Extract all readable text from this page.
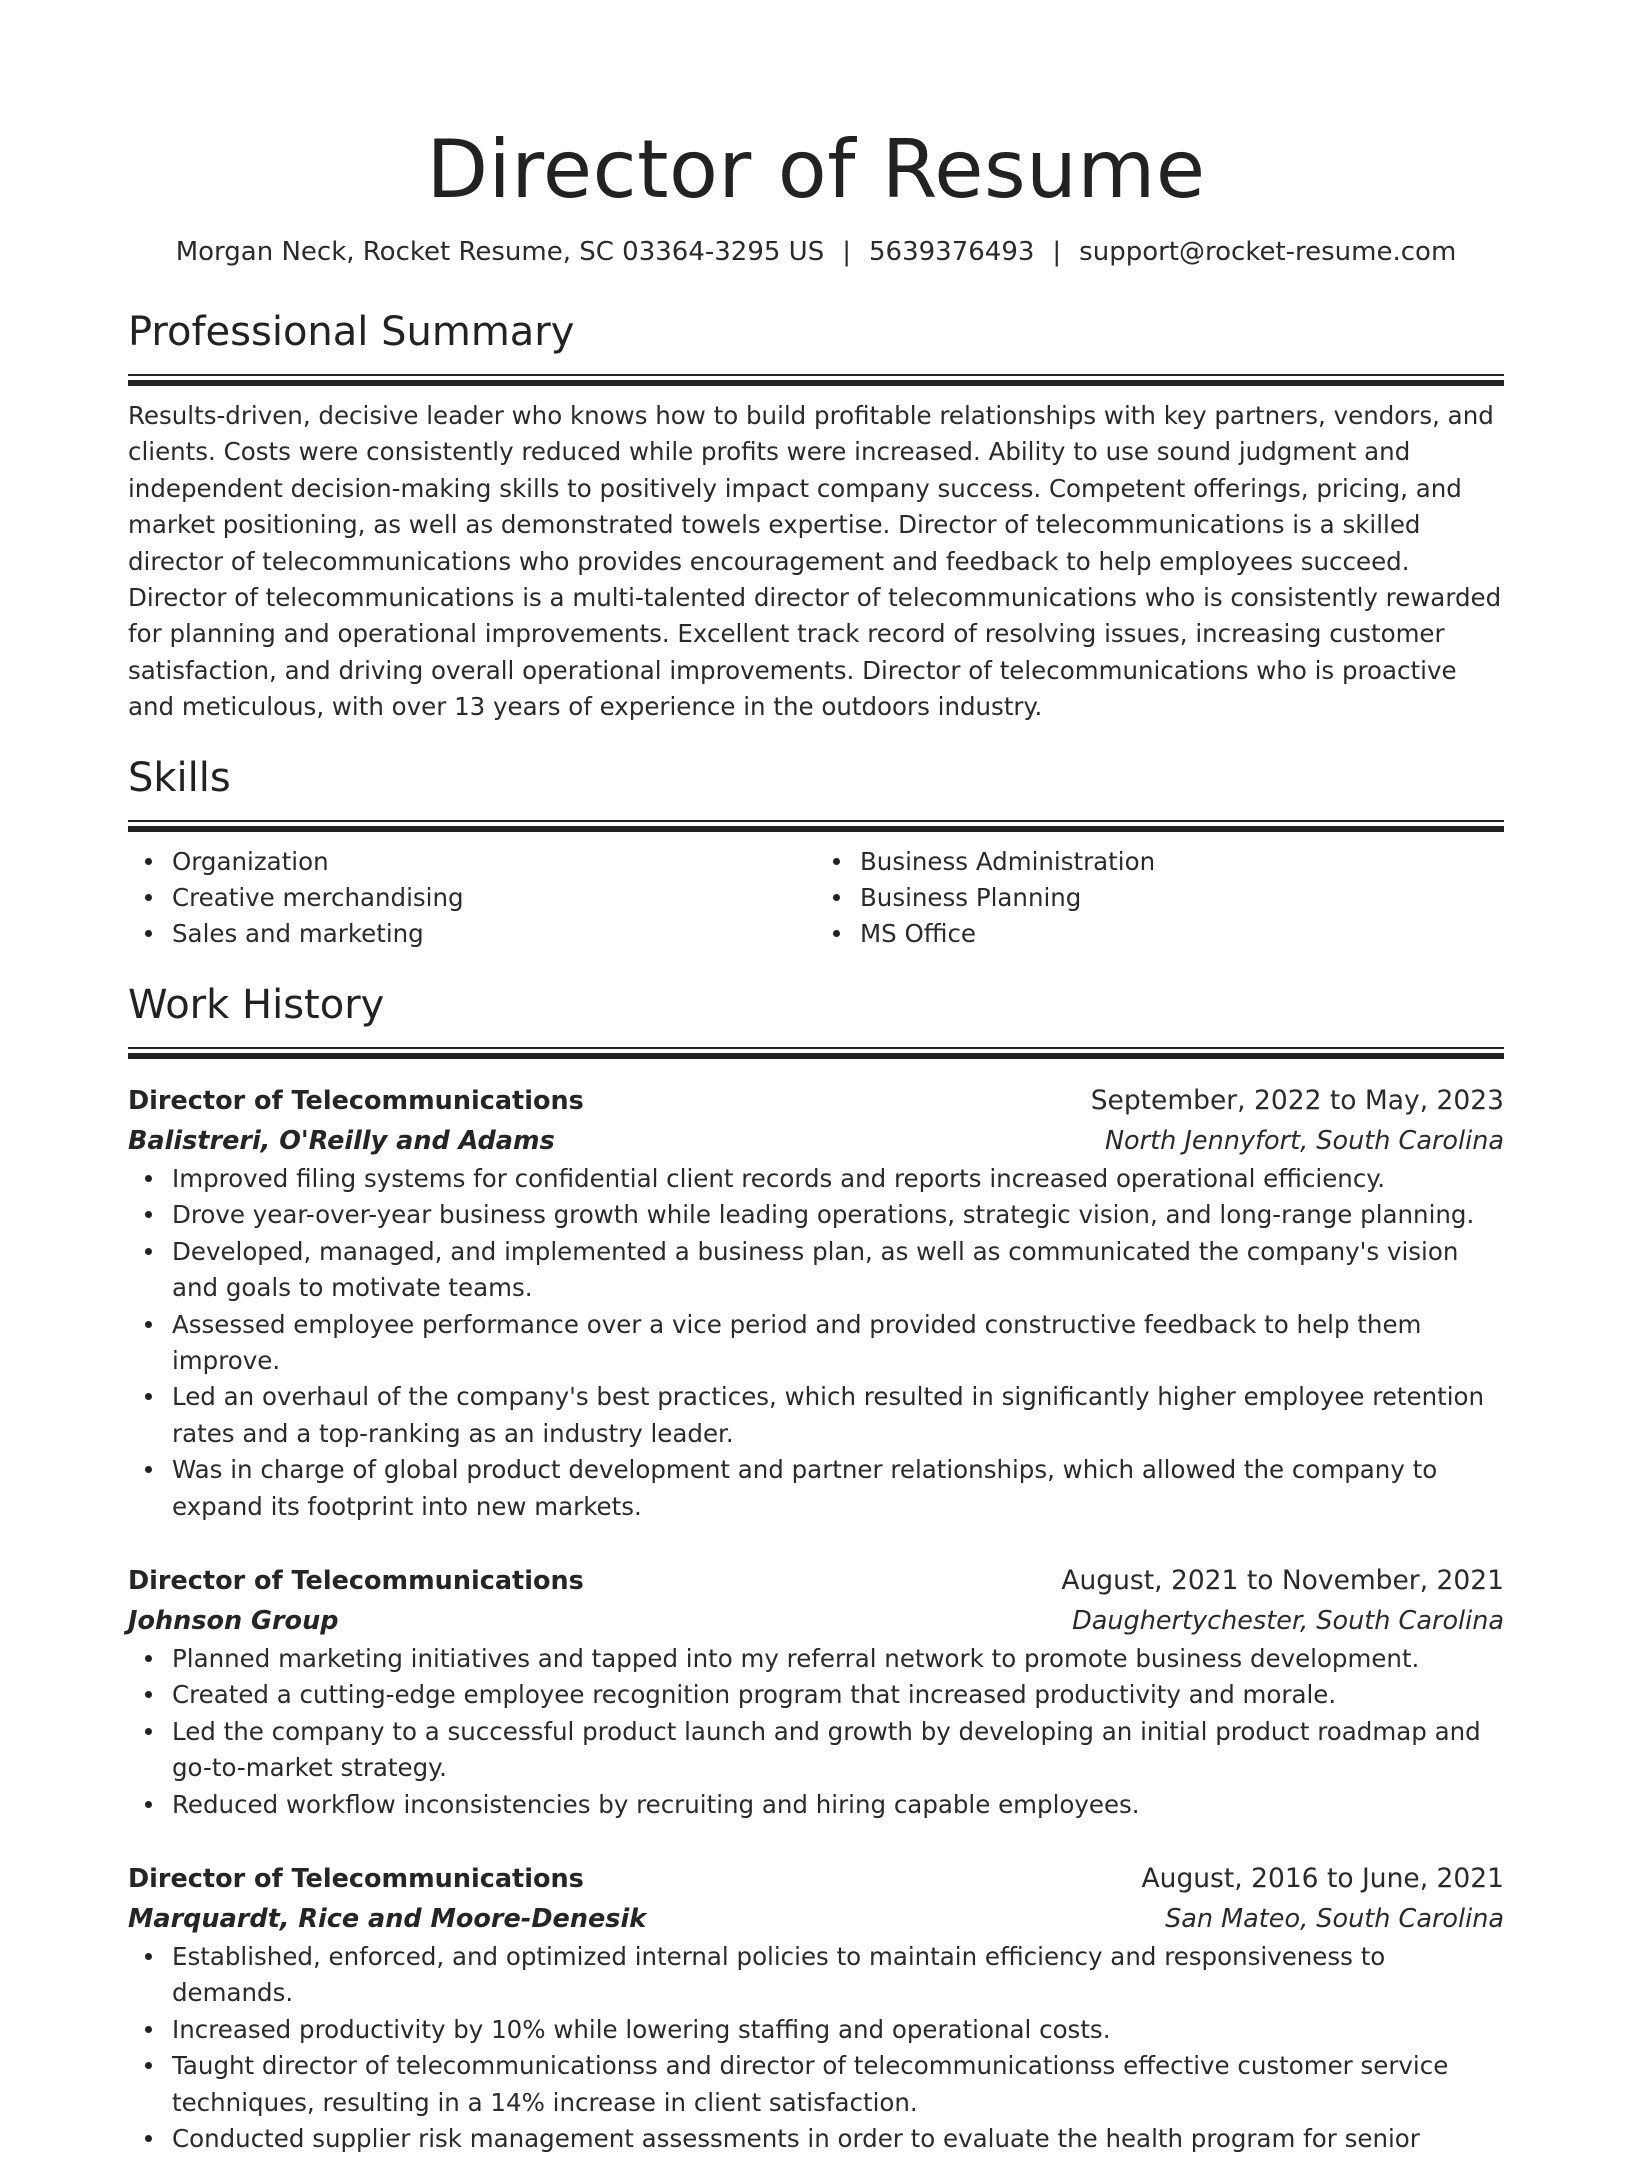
Director of Resume
Morgan Neck, Rocket Resume, SC 03364-3295 US | 5639376493 | support@rocket-resume.com
Professional Summary

Results-driven, decisive leader who knows how to build profitable relationships with key partners, vendors, and clients. Costs were consistently reduced while profits were increased. Ability to use sound judgment and independent decision-making skills to positively impact company success. Competent offerings, pricing, and market positioning, as well as demonstrated towels expertise. Director of telecommunications is a skilled director of telecommunications who provides encouragement and feedback to help employees succeed. Director of telecommunications is a multi-talented director of telecommunications who is consistently rewarded for planning and operational improvements. Excellent track record of resolving issues, increasing customer satisfaction, and driving overall operational improvements. Director of telecommunications who is proactive and meticulous, with over 13 years of experience in the outdoors industry.

Skills
Organization
Creative merchandising
Sales and marketing
Business Administration
Business Planning
MS Office
Work History
Director of Telecommunications	September, 2022 to May, 2023
Balistreri, O'Reilly and Adams	North Jennyfort, South Carolina
Improved filing systems for confidential client records and reports increased operational efficiency.
Drove year-over-year business growth while leading operations, strategic vision, and long-range planning.
Developed, managed, and implemented a business plan, as well as communicated the company's vision and goals to motivate teams.
Assessed employee performance over a vice period and provided constructive feedback to help them improve.
Led an overhaul of the company's best practices, which resulted in significantly higher employee retention rates and a top-ranking as an industry leader.
Was in charge of global product development and partner relationships, which allowed the company to expand its footprint into new markets.
Director of Telecommunications	August, 2021 to November, 2021
Johnson Group	Daughertychester, South Carolina
Planned marketing initiatives and tapped into my referral network to promote business development.
Created a cutting-edge employee recognition program that increased productivity and morale.
Led the company to a successful product launch and growth by developing an initial product roadmap and go-to-market strategy.
Reduced workflow inconsistencies by recruiting and hiring capable employees.
Director of Telecommunications	August, 2016 to June, 2021
Marquardt, Rice and Moore-Denesik	San Mateo, South Carolina
Established, enforced, and optimized internal policies to maintain efficiency and responsiveness to demands.
Increased productivity by 10% while lowering staffing and operational costs.
Taught director of telecommunicationss and director of telecommunicationss effective customer service techniques, resulting in a 14% increase in client satisfaction.
Conducted supplier risk management assessments in order to evaluate the health program for senior
